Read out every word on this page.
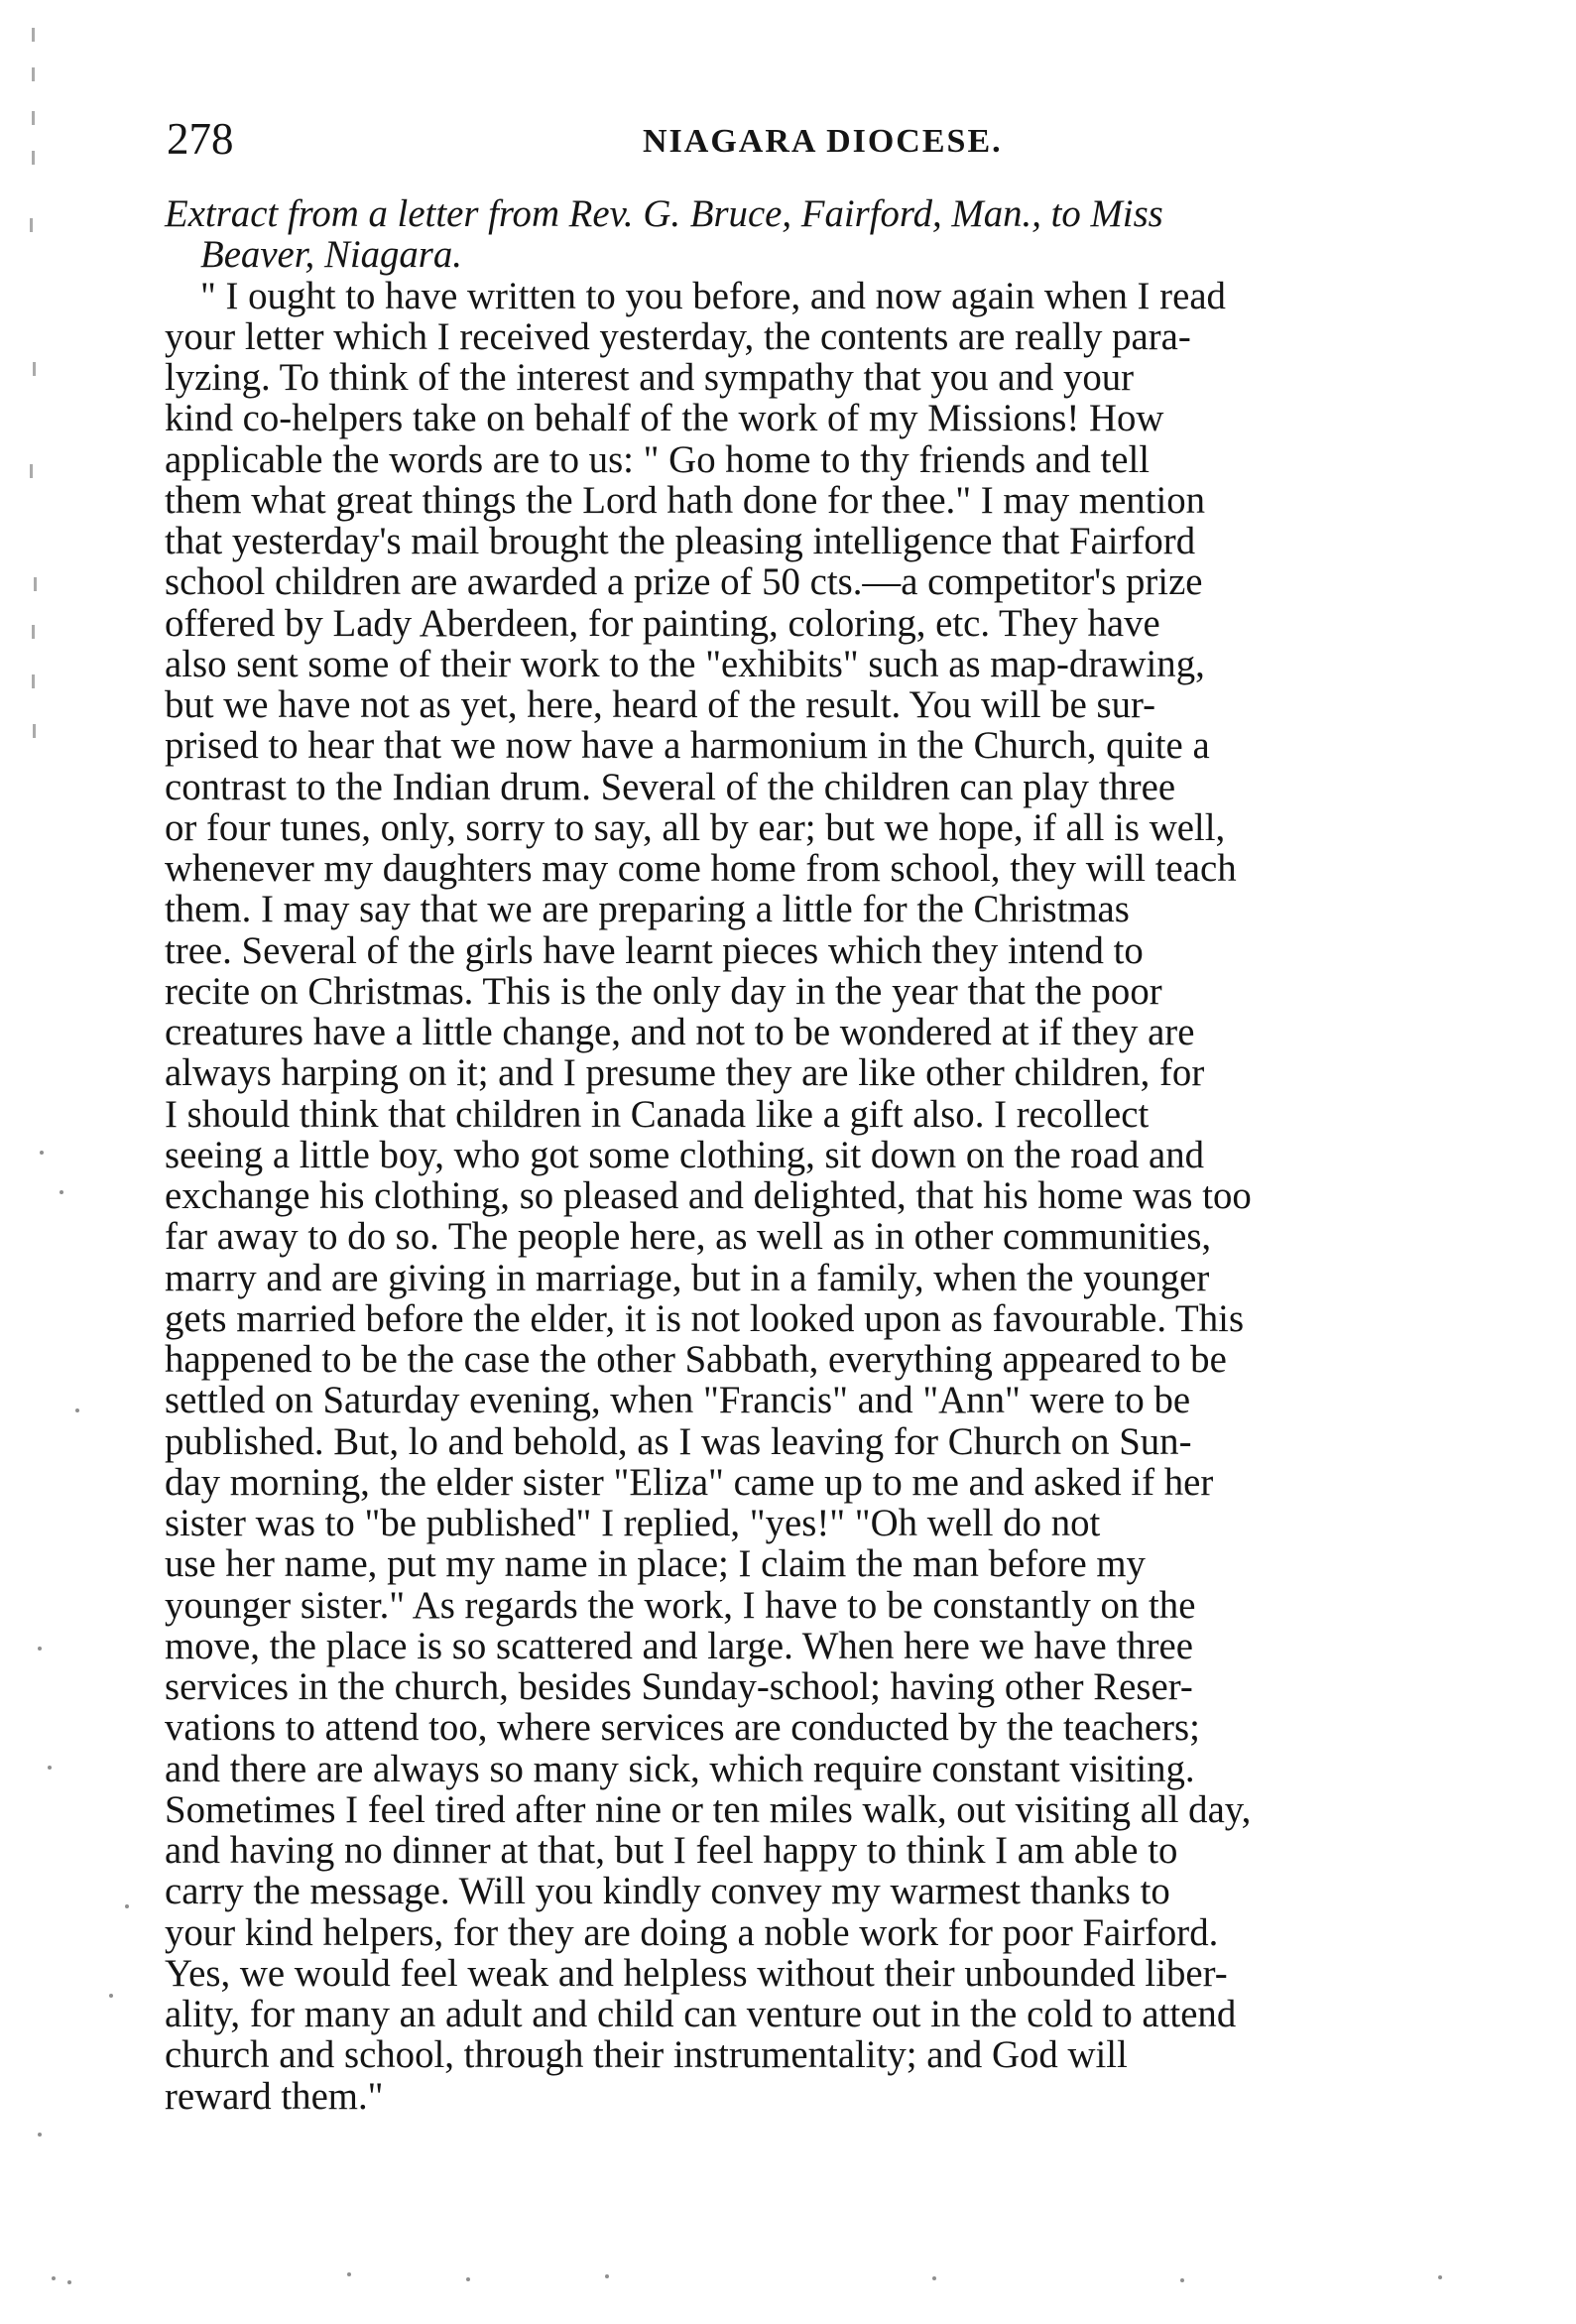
278	NIAGARA DIOCESE.
Extract from a letter from Rev. G. Bruce, Fairford, Man., to Miss
Beaver, Niagara.
" I ought to have written to you before, and now again when I read
your letter which I received yesterday, the contents are really para-
lyzing. To think of the interest and sympathy that you and your
kind co-helpers take on behalf of the work of my Missions! How
applicable the words are to us: " Go home to thy friends and tell
them what great things the Lord hath done for thee." I may mention
that yesterday's mail brought the pleasing intelligence that Fairford
school children are awarded a prize of 50 cts.—a competitor's prize
offered by Lady Aberdeen, for painting, coloring, etc. They have
also sent some of their work to the "exhibits" such as map-drawing,
but we have not as yet, here, heard of the result. You will be sur-
prised to hear that we now have a harmonium in the Church, quite a
contrast to the Indian drum. Several of the children can play three
or four tunes, only, sorry to say, all by ear; but we hope, if all is well,
whenever my daughters may come home from school, they will teach
them. I may say that we are preparing a little for the Christmas
tree. Several of the girls have learnt pieces which they intend to
recite on Christmas. This is the only day in the year that the poor
creatures have a little change, and not to be wondered at if they are
always harping on it; and I presume they are like other children, for
I should think that children in Canada like a gift also. I recollect
seeing a little boy, who got some clothing, sit down on the road and
exchange his clothing, so pleased and delighted, that his home was too
far away to do so. The people here, as well as in other communities,
marry and are giving in marriage, but in a family, when the younger
gets married before the elder, it is not looked upon as favourable. This
happened to be the case the other Sabbath, everything appeared to be
settled on Saturday evening, when "Francis" and "Ann" were to be
published. But, lo and behold, as I was leaving for Church on Sun-
day morning, the elder sister "Eliza" came up to me and asked if her
sister was to "be published" I replied, "yes!" "Oh well do not
use her name, put my name in place; I claim the man before my
younger sister." As regards the work, I have to be constantly on the
move, the place is so scattered and large. When here we have three
services in the church, besides Sunday-school; having other Reser-
vations to attend too, where services are conducted by the teachers;
and there are always so many sick, which require constant visiting.
Sometimes I feel tired after nine or ten miles walk, out visiting all day,
and having no dinner at that, but I feel happy to think I am able to
carry the message. Will you kindly convey my warmest thanks to
your kind helpers, for they are doing a noble work for poor Fairford.
Yes, we would feel weak and helpless without their unbounded liber-
ality, for many an adult and child can venture out in the cold to attend
church and school, through their instrumentality; and God will
reward them."
